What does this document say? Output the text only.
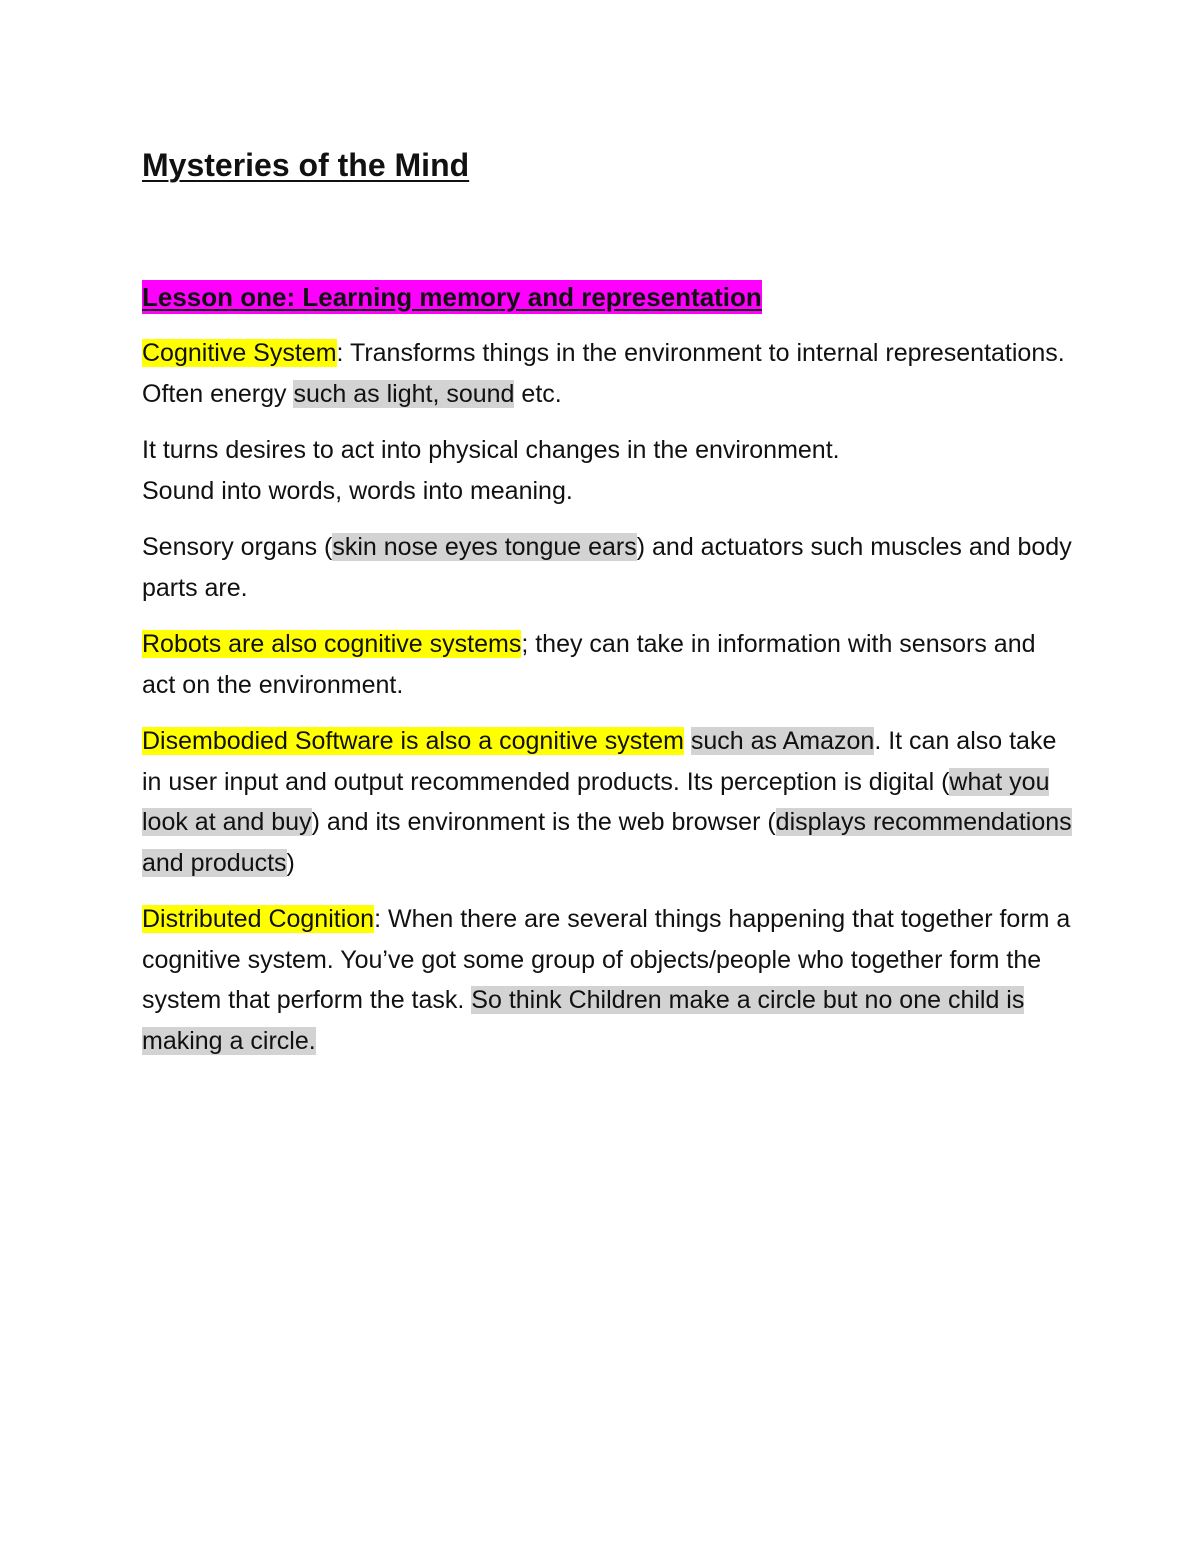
Mysteries of the Mind
Lesson one: Learning memory and representation

Cognitive System: Transforms things in the environment to internal representations. Often energy such as light, sound etc.

It turns desires to act into physical changes in the environment.
Sound into words, words into meaning.

Sensory organs (skin nose eyes tongue ears) and actuators such muscles and body parts are.

Robots are also cognitive systems; they can take in information with sensors and act on the environment.

Disembodied Software is also a cognitive system such as Amazon. It can also take in user input and output recommended products. Its perception is digital (what you look at and buy) and its environment is the web browser (displays recommendations and products)

Distributed Cognition: When there are several things happening that together form a cognitive system. You’ve got some group of objects/people who together form the system that perform the task. So think Children make a circle but no one child is making a circle.
